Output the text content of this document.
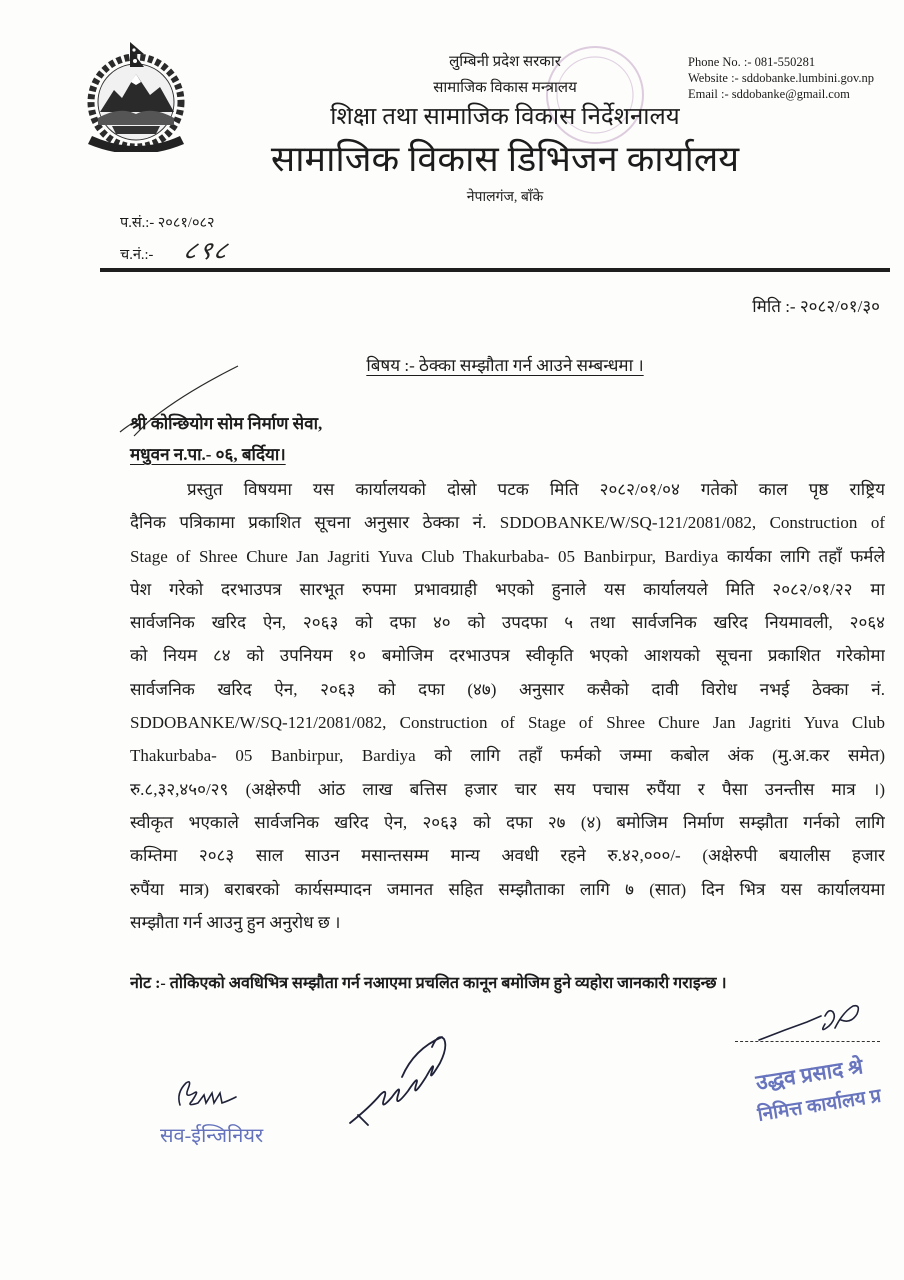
लुम्बिनी प्रदेश सरकार
सामाजिक विकास मन्त्रालय
शिक्षा तथा सामाजिक विकास निर्देशनालय
सामाजिक विकास डिभिजन कार्यालय
नेपालगंज, बाँके
Phone No. :- 081-550281
Website :- sddobanke.lumbini.gov.np
Email :- sddobanke@gmail.com
प.सं.:- २०८१/०८२
च.नं.:- ८९८
मिति :- २०८२/०१/३०
बिषय :- ठेक्का सम्झौता गर्न आउने सम्बन्धमा ।
श्री कोन्छियोग सोम निर्माण सेवा,
मधुवन न.पा.- ०६, बर्दिया।
प्रस्तुत विषयमा यस कार्यालयको दोस्रो पटक मिति २०८२/०१/०४ गतेको काल पृष्ठ राष्ट्रिय
दैनिक पत्रिकामा प्रकाशित सूचना अनुसार ठेक्का नं. SDDOBANKE/W/SQ-121/2081/082, Construction of
Stage of Shree Chure Jan Jagriti Yuva Club Thakurbaba- 05 Banbirpur, Bardiya कार्यका लागि तहाँ फर्मले
पेश गरेको दरभाउपत्र सारभूत रुपमा प्रभावग्राही भएको हुनाले यस कार्यालयले मिति २०८२/०१/२२ मा
सार्वजनिक खरिद ऐन, २०६३ को दफा ४० को उपदफा ५ तथा सार्वजनिक खरिद नियमावली, २०६४
को नियम ८४ को उपनियम १० बमोजिम दरभाउपत्र स्वीकृति भएको आशयको सूचना प्रकाशित गरेकोमा
सार्वजनिक खरिद ऐन, २०६३ को दफा (४७) अनुसार कसैको दावी विरोध नभई ठेक्का नं.
SDDOBANKE/W/SQ-121/2081/082, Construction of Stage of Shree Chure Jan Jagriti Yuva Club
Thakurbaba- 05 Banbirpur, Bardiya को लागि तहाँ फर्मको जम्मा कबोल अंक (मु.अ.कर समेत)
रु.८,३२,४५०/२९ (अक्षेरुपी आंठ लाख बत्तिस हजार चार सय पचास रुपैंया र पैसा उनन्तीस मात्र ।)
स्वीकृत भएकाले सार्वजनिक खरिद ऐन, २०६३ को दफा २७ (४) बमोजिम निर्माण सम्झौता गर्नको लागि
कम्तिमा २०८३ साल साउन मसान्तसम्म मान्य अवधी रहने रु.४२,०००/- (अक्षेरुपी बयालीस हजार
रुपैंया मात्र) बराबरको कार्यसम्पादन जमानत सहित सम्झौताका लागि ७ (सात) दिन भित्र यस कार्यालयमा
सम्झौता गर्न आउनु हुन अनुरोध छ ।
नोट :- तोकिएको अवधिभित्र सम्झौता गर्न नआएमा प्रचलित कानून बमोजिम हुने व्यहोरा जानकारी गराइन्छ ।
उद्धव प्रसाद श्रे
निमित्त कार्यालय प्र
सव-ईन्जिनियर
